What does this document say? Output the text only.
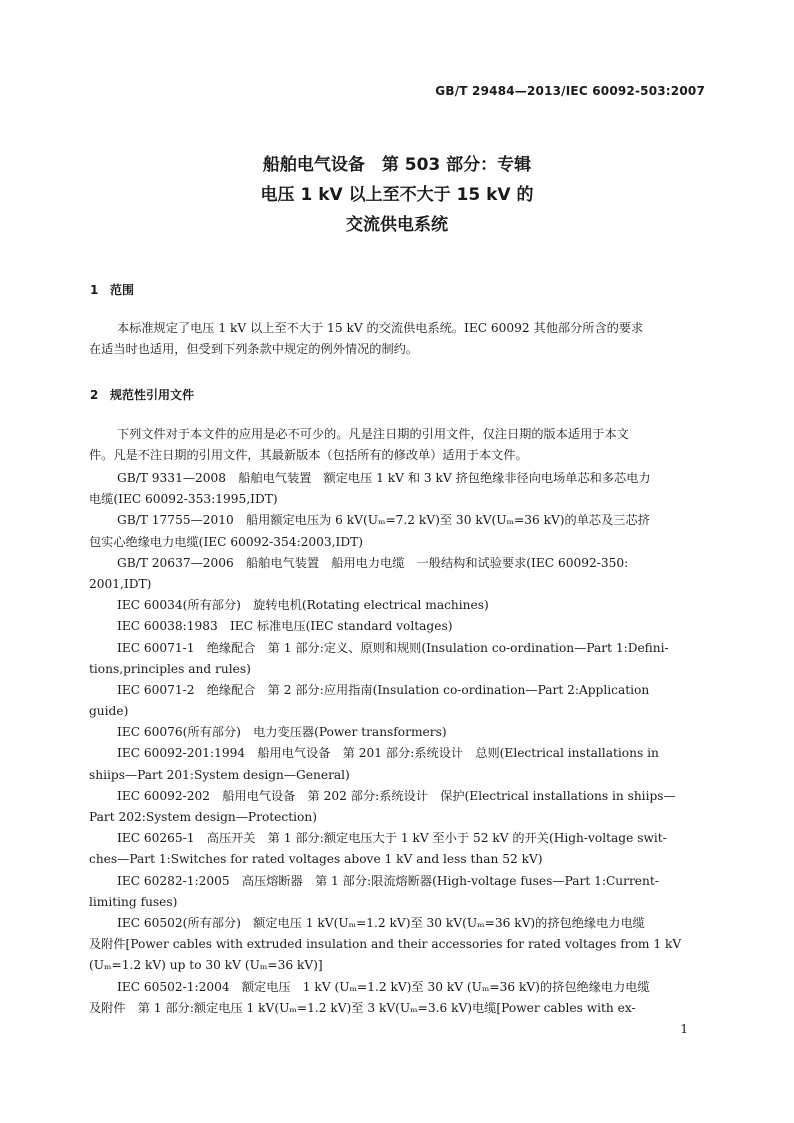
GB/T 29484—2013/IEC 60092-503:2007
船舶电气设备　第 503 部分：专辑
电压 1 kV 以上至不大于 15 kV 的
交流供电系统
1 范围
本标准规定了电压 1 kV 以上至不大于 15 kV 的交流供电系统。IEC 60092 其他部分所含的要求
在适当时也适用，但受到下列条款中规定的例外情况的制约。
2 规范性引用文件
下列文件对于本文件的应用是必不可少的。凡是注日期的引用文件，仅注日期的版本适用于本文
件。凡是不注日期的引用文件，其最新版本（包括所有的修改单）适用于本文件。
GB/T 9331—2008　船舶电气装置　额定电压 1 kV 和 3 kV 挤包绝缘非径向电场单芯和多芯电力
电缆(IEC 60092-353:1995,IDT)
GB/T 17755—2010　船用额定电压为 6 kV(Uₘ=7.2 kV)至 30 kV(Uₘ=36 kV)的单芯及三芯挤
包实心绝缘电力电缆(IEC 60092-354:2003,IDT)
GB/T 20637—2006　船舶电气装置　船用电力电缆　一般结构和试验要求(IEC 60092-350:
2001,IDT)
IEC 60034(所有部分)　旋转电机(Rotating electrical machines)
IEC 60038:1983　IEC 标准电压(IEC standard voltages)
IEC 60071-1　绝缘配合　第 1 部分:定义、原则和规则(Insulation co-ordination—Part 1:Defini-
tions,principles and rules)
IEC 60071-2　绝缘配合　第 2 部分:应用指南(Insulation co-ordination—Part 2:Application
guide)
IEC 60076(所有部分)　电力变压器(Power transformers)
IEC 60092-201:1994　船用电气设备　第 201 部分:系统设计　总则(Electrical installations in
shiips—Part 201:System design—General)
IEC 60092-202　船用电气设备　第 202 部分:系统设计　保护(Electrical installations in shiips—
Part 202:System design—Protection)
IEC 60265-1　高压开关　第 1 部分:额定电压大于 1 kV 至小于 52 kV 的开关(High-voltage swit-
ches—Part 1:Switches for rated voltages above 1 kV and less than 52 kV)
IEC 60282-1:2005　高压熔断器　第 1 部分:限流熔断器(High-voltage fuses—Part 1:Current-
limiting fuses)
IEC 60502(所有部分)　额定电压 1 kV(Uₘ=1.2 kV)至 30 kV(Uₘ=36 kV)的挤包绝缘电力电缆
及附件[Power cables with extruded insulation and their accessories for rated voltages from 1 kV
(Uₘ=1.2 kV) up to 30 kV (Uₘ=36 kV)]
IEC 60502-1:2004　额定电压　1 kV (Uₘ=1.2 kV)至 30 kV (Uₘ=36 kV)的挤包绝缘电力电缆
及附件　第 1 部分:额定电压 1 kV(Uₘ=1.2 kV)至 3 kV(Uₘ=3.6 kV)电缆[Power cables with ex-
1
